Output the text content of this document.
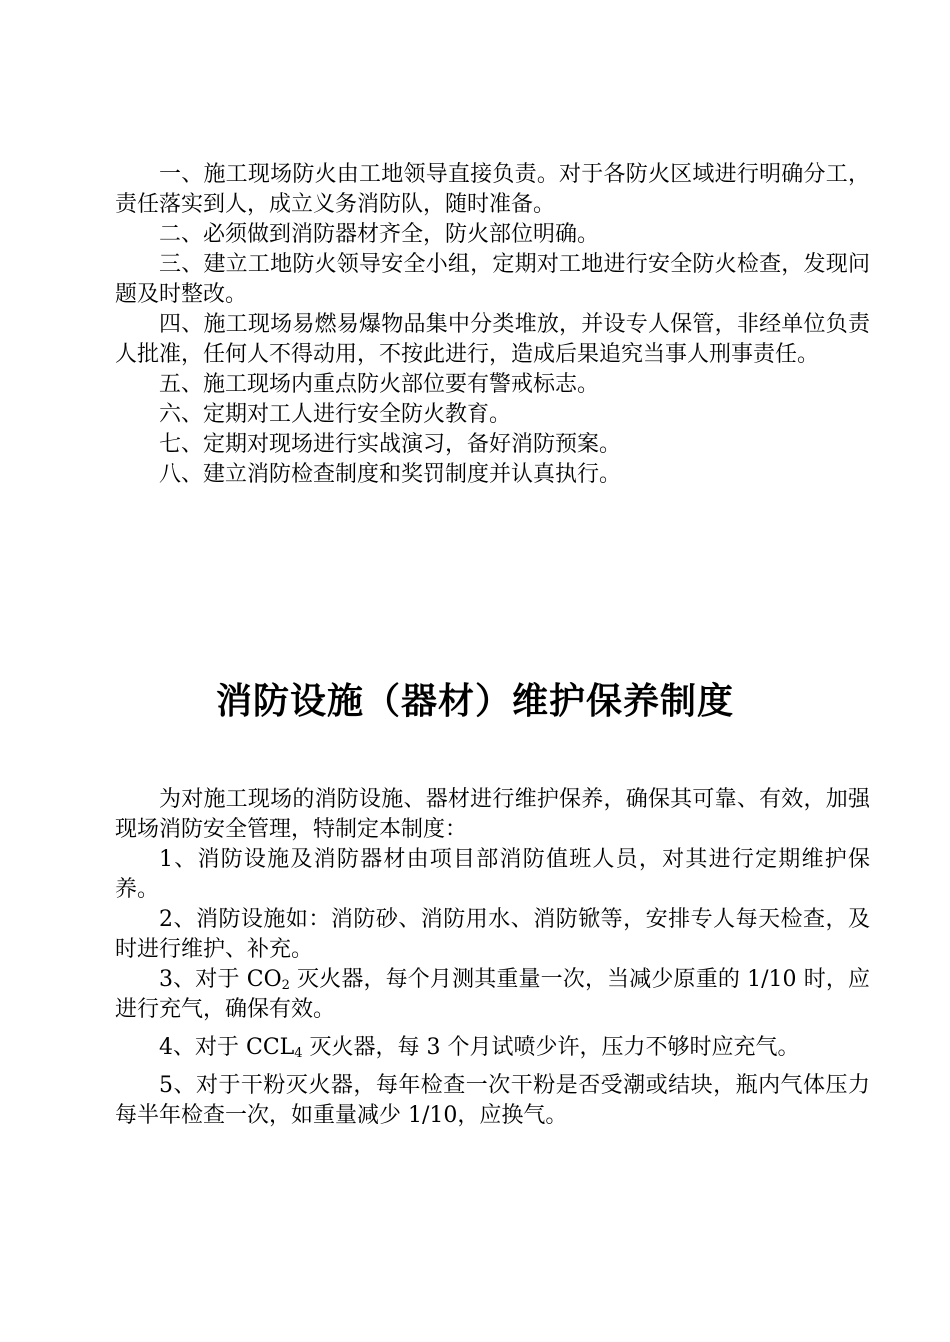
一、施工现场防火由工地领导直接负责。对于各防火区域进行明确分工，责任落实到人，成立义务消防队，随时准备。

二、必须做到消防器材齐全，防火部位明确。

三、建立工地防火领导安全小组，定期对工地进行安全防火检查，发现问题及时整改。

四、施工现场易燃易爆物品集中分类堆放，并设专人保管，非经单位负责人批准，任何人不得动用，不按此进行，造成后果追究当事人刑事责任。

五、施工现场内重点防火部位要有警戒标志。

六、定期对工人进行安全防火教育。

七、定期对现场进行实战演习，备好消防预案。

八、建立消防检查制度和奖罚制度并认真执行。

消防设施（器材）维护保养制度

为对施工现场的消防设施、器材进行维护保养，确保其可靠、有效，加强现场消防安全管理，特制定本制度：

1、消防设施及消防器材由项目部消防值班人员，对其进行定期维护保养。

2、消防设施如：消防砂、消防用水、消防锨等，安排专人每天检查，及时进行维护、补充。

3、对于 $CO_2$ 灭火器，每个月测其重量一次，当减少原重的 1/10 时，应进行充气，确保有效。

4、对于 $CCL_4$ 灭火器，每 3 个月试喷少许，压力不够时应充气。

5、对于干粉灭火器，每年检查一次干粉是否受潮或结块，瓶内气体压力每半年检查一次，如重量减少 1/10，应换气。
